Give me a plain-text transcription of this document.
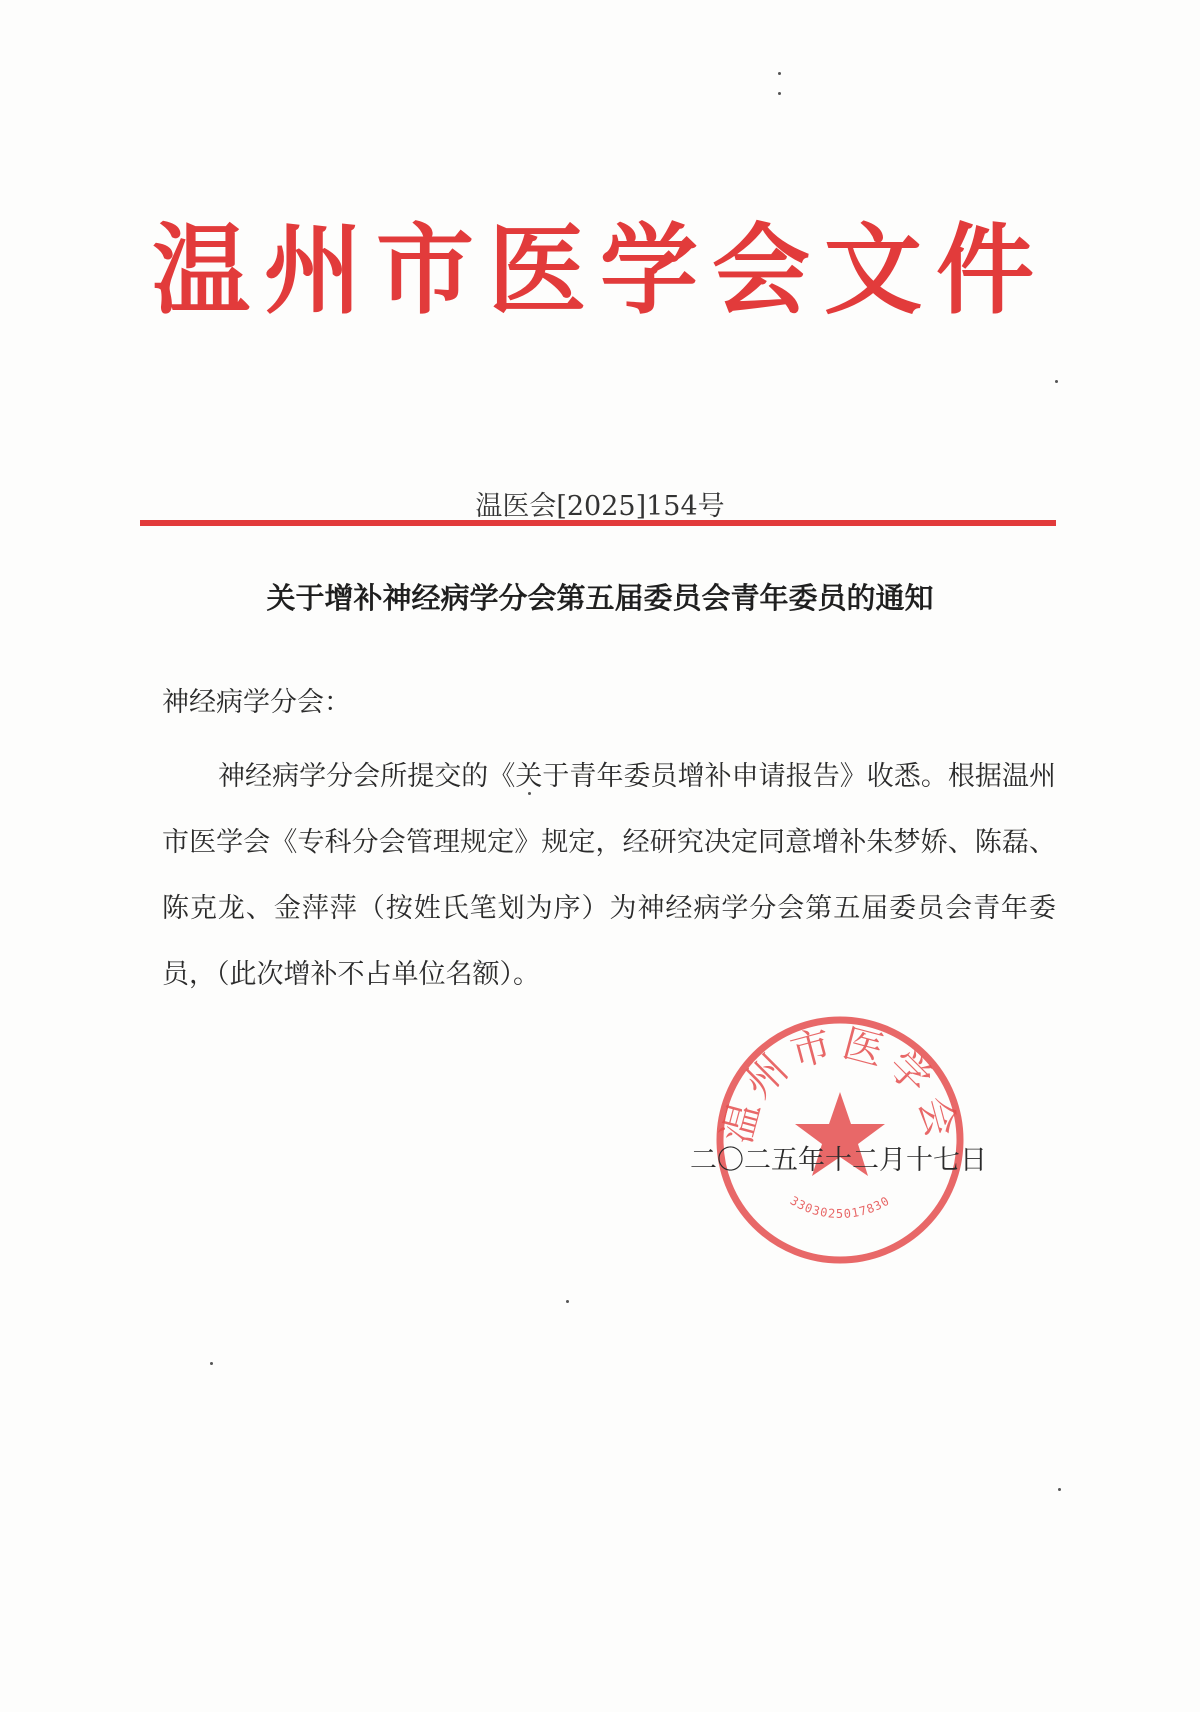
温州市医学会文件
温医会[2025]154号
关于增补神经病学分会第五届委员会青年委员的通知
神经病学分会：

神经病学分会所提交的《关于青年委员增补申请报告》收悉。根据温州市医学会《专科分会管理规定》规定，经研究决定同意增补朱梦娇、陈磊、陈克龙、金萍萍（按姓氏笔划为序）为神经病学分会第五届委员会青年委员，（此次增补不占单位名额）。

温州市医学会
3303025017830
二〇二五年十二月十七日
